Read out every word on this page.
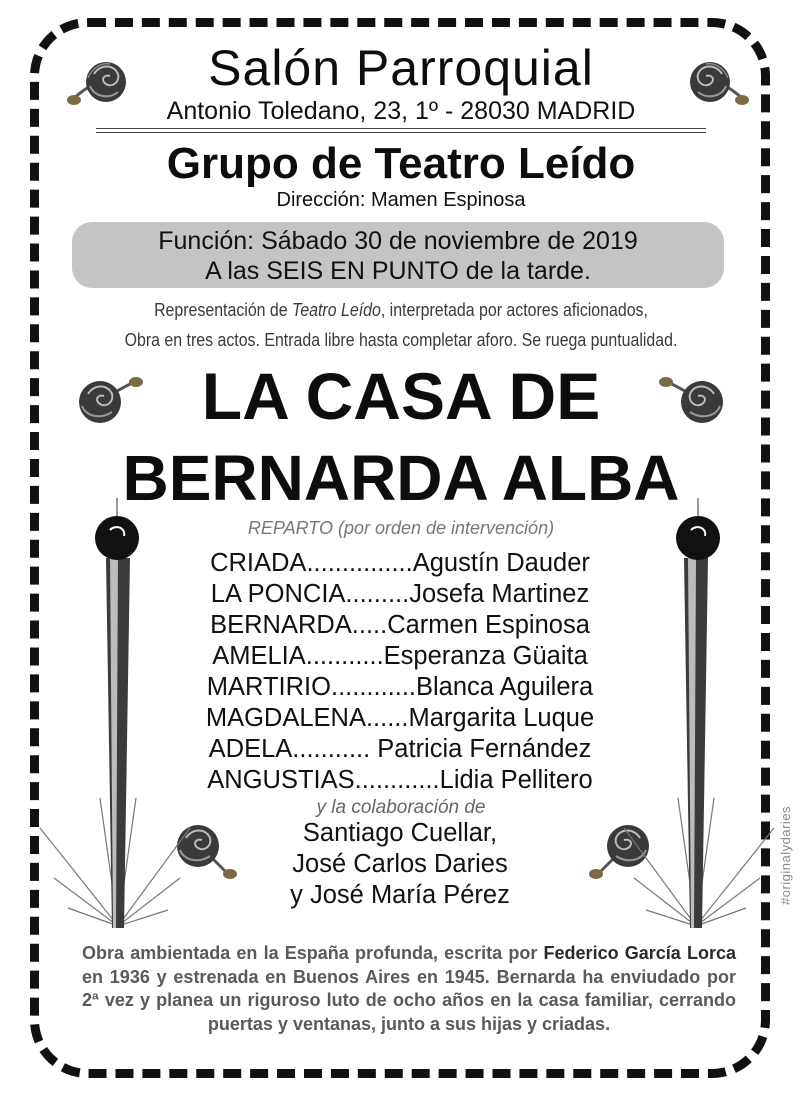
Salón Parroquial
Antonio Toledano, 23, 1º - 28030 MADRID
Grupo de Teatro Leído
Dirección: Mamen Espinosa
Función: Sábado 30 de noviembre de 2019
A las SEIS EN PUNTO de la tarde.
Representación de Teatro Leído, interpretada por actores aficionados,
Obra en tres actos. Entrada libre hasta completar aforo. Se ruega puntualidad.
LA CASA DE
BERNARDA ALBA
REPARTO (por orden de intervención)
CRIADA...............Agustín Dauder
LA PONCIA.........Josefa Martinez
BERNARDA.....Carmen Espinosa
AMELIA...........Esperanza Güaita
MARTIRIO............Blanca Aguilera
MAGDALENA......Margarita Luque
ADELA........... Patricia Fernández
ANGUSTIAS............Lidia Pellitero
y la colaboración de
Santiago Cuellar,
José Carlos Daries
y José María Pérez
Obra ambientada en la España profunda, escrita por Federico García Lorca en 1936 y estrenada en Buenos Aires en 1945. Bernarda ha enviudado por 2ª vez y planea un riguroso luto de ocho años en la casa familiar, cerrando puertas y ventanas, junto a sus hijas y criadas.
#originalydaries
